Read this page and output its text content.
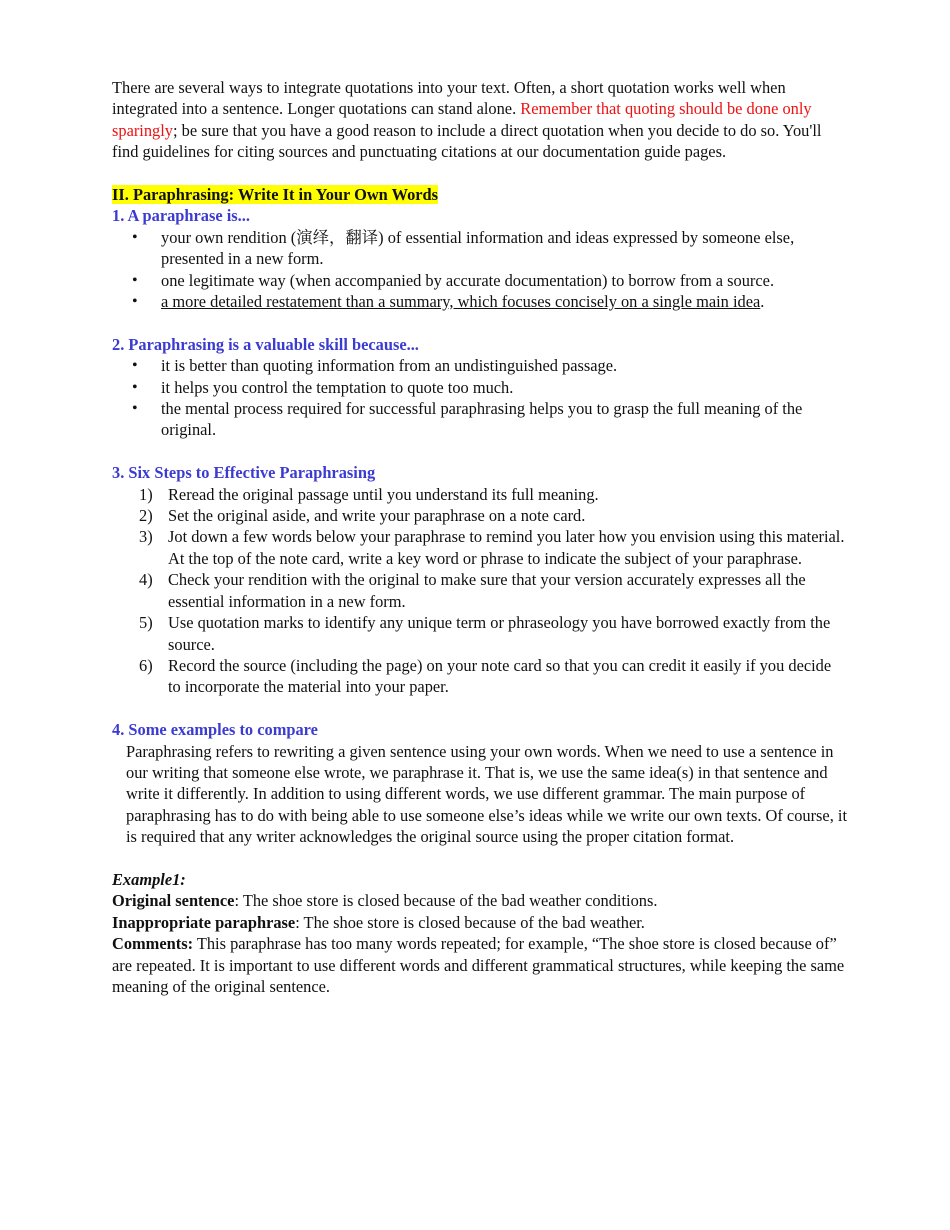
There are several ways to integrate quotations into your text. Often, a short quotation works well when integrated into a sentence. Longer quotations can stand alone. Remember that quoting should be done only sparingly; be sure that you have a good reason to include a direct quotation when you decide to do so. You'll find guidelines for citing sources and punctuating citations at our documentation guide pages.

II. Paraphrasing: Write It in Your Own Words

1. A paraphrase is...

• your own rendition (演绎，翻译) of essential information and ideas expressed by someone else, presented in a new form.
• one legitimate way (when accompanied by accurate documentation) to borrow from a source.
• a more detailed restatement than a summary, which focuses concisely on a single main idea.

2. Paraphrasing is a valuable skill because...

• it is better than quoting information from an undistinguished passage.
• it helps you control the temptation to quote too much.
• the mental process required for successful paraphrasing helps you to grasp the full meaning of the original.

3. Six Steps to Effective Paraphrasing

1) Reread the original passage until you understand its full meaning.
2) Set the original aside, and write your paraphrase on a note card.
3) Jot down a few words below your paraphrase to remind you later how you envision using this material. At the top of the note card, write a key word or phrase to indicate the subject of your paraphrase.
4) Check your rendition with the original to make sure that your version accurately expresses all the essential information in a new form.
5) Use quotation marks to identify any unique term or phraseology you have borrowed exactly from the source.
6) Record the source (including the page) on your note card so that you can credit it easily if you decide to incorporate the material into your paper.

4. Some examples to compare

Paraphrasing refers to rewriting a given sentence using your own words. When we need to use a sentence in our writing that someone else wrote, we paraphrase it. That is, we use the same idea(s) in that sentence and write it differently. In addition to using different words, we use different grammar. The main purpose of paraphrasing has to do with being able to use someone else’s ideas while we write our own texts. Of course, it is required that any writer acknowledges the original source using the proper citation format.

Example1:

Original sentence: The shoe store is closed because of the bad weather conditions.

Inappropriate paraphrase: The shoe store is closed because of the bad weather.

Comments: This paraphrase has too many words repeated; for example, “The shoe store is closed because of” are repeated. It is important to use different words and different grammatical structures, while keeping the same meaning of the original sentence.
